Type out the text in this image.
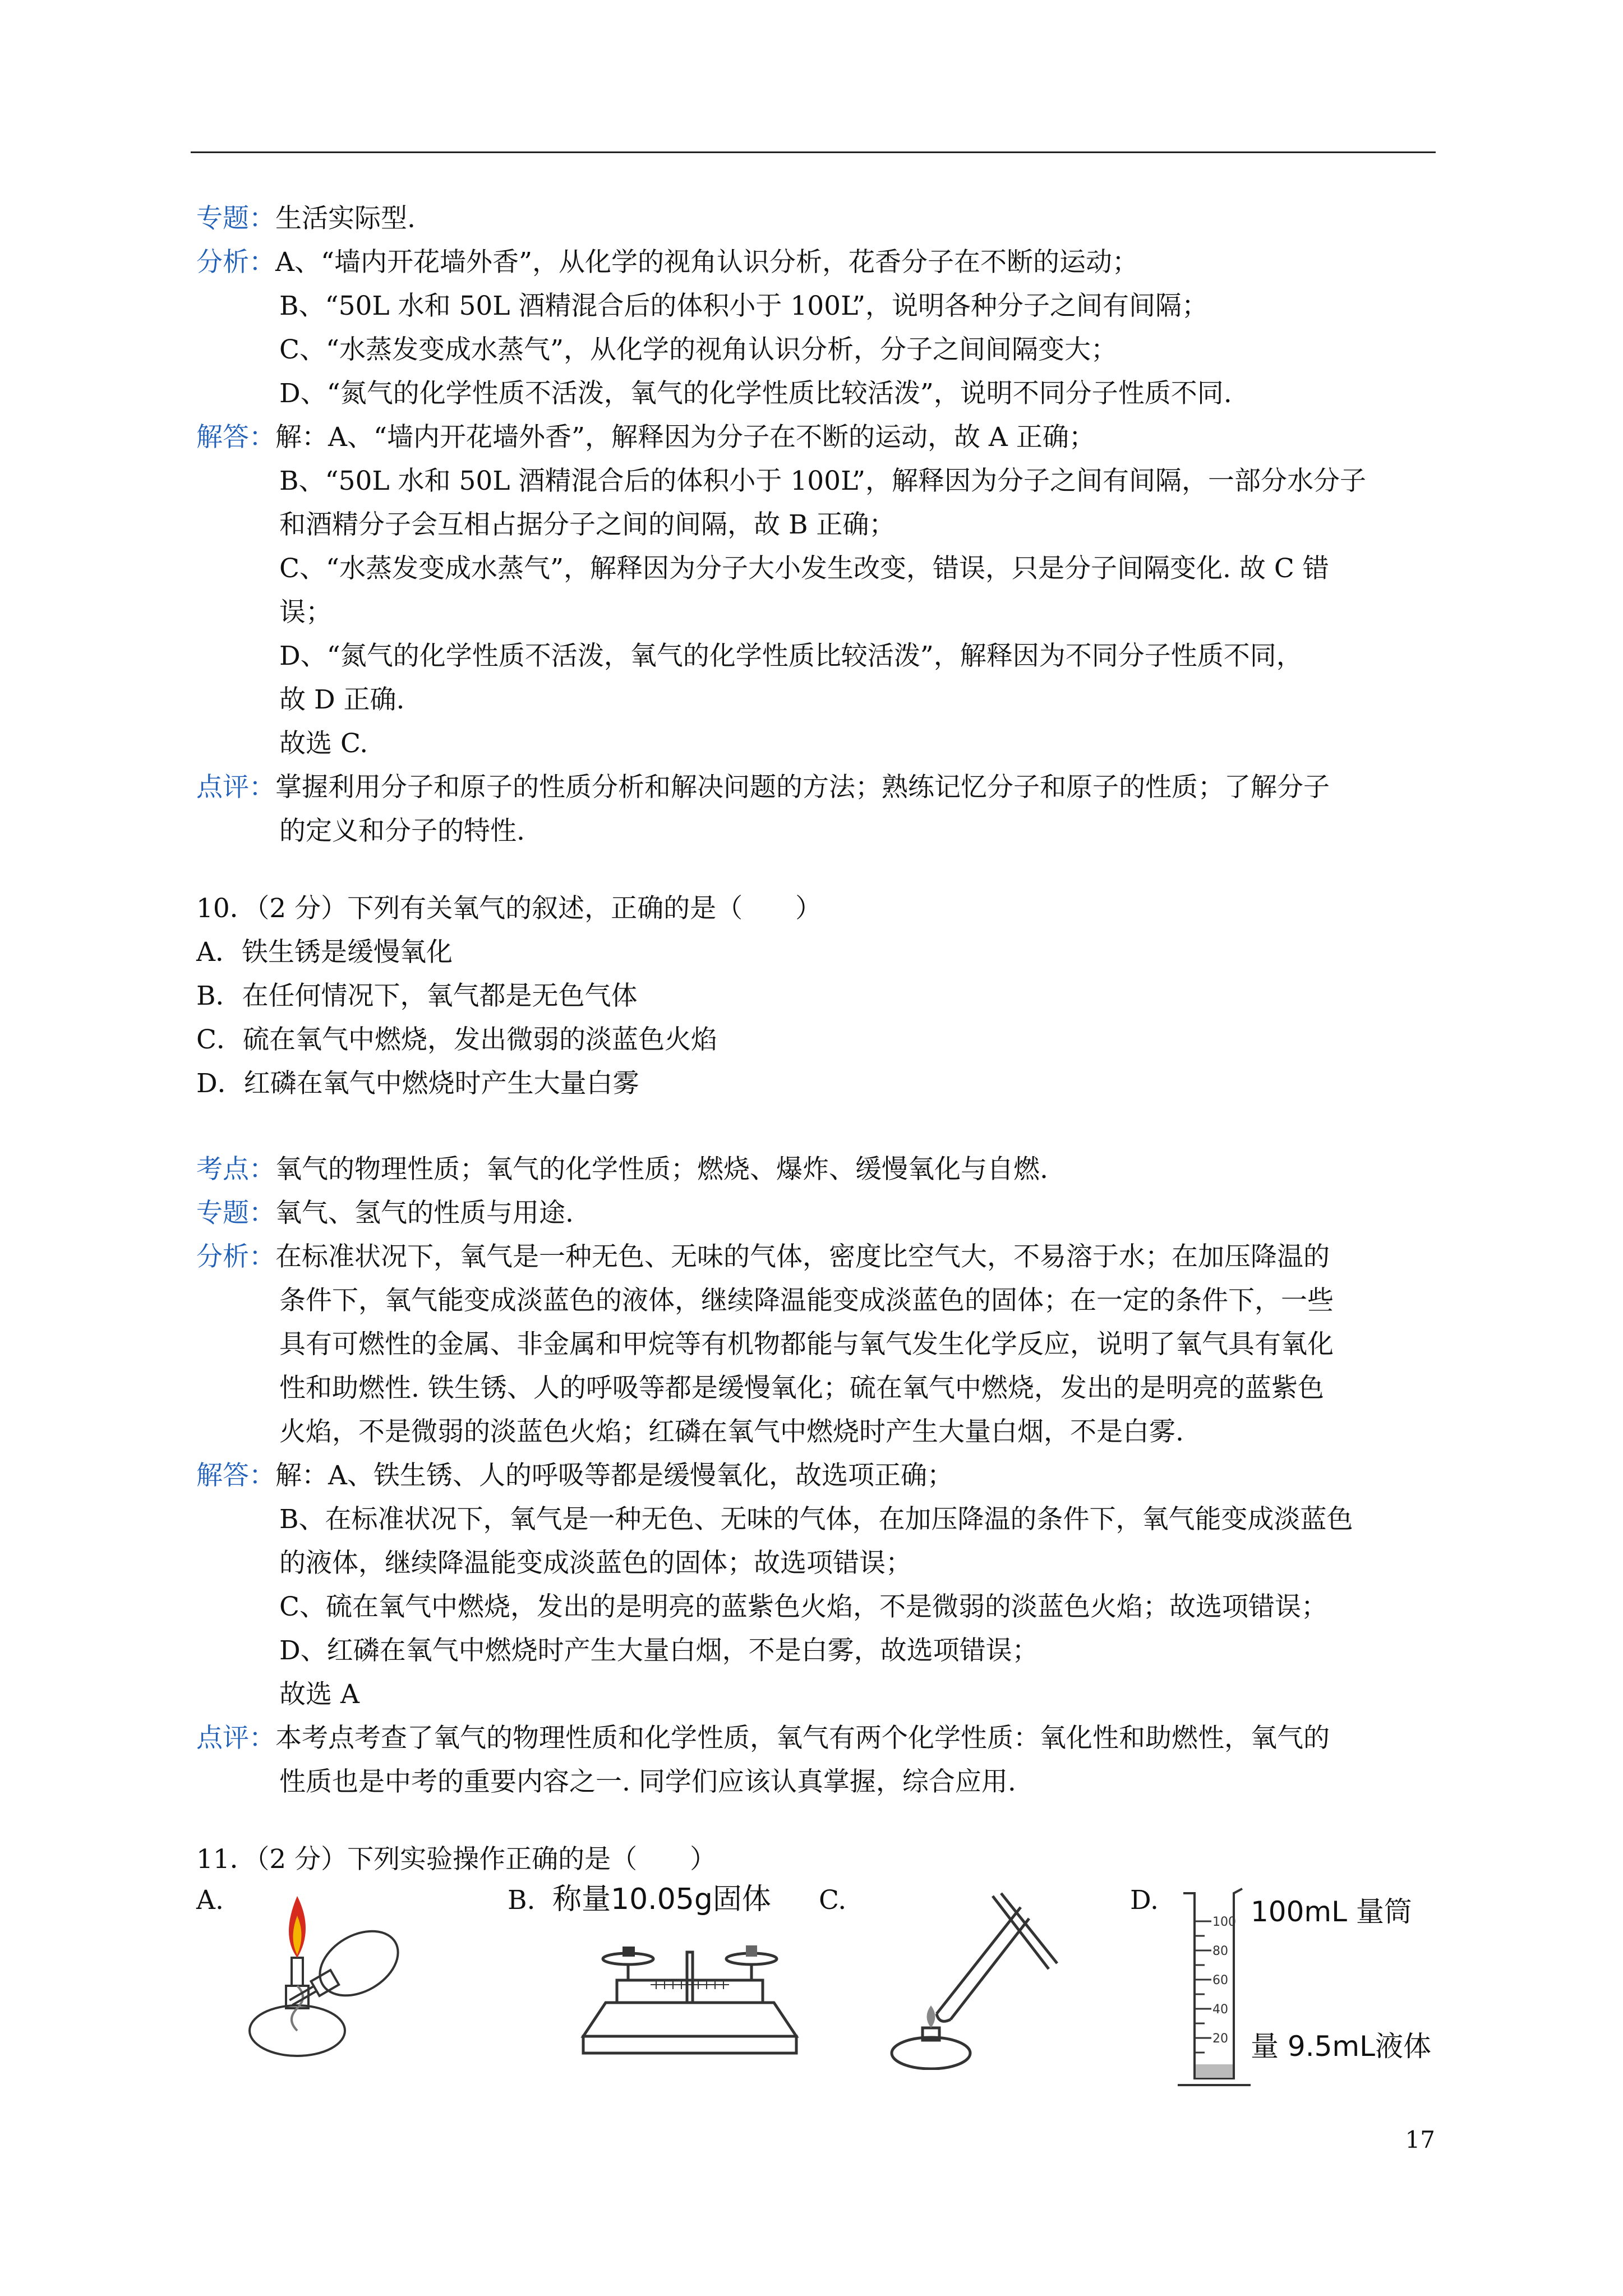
专题：生活实际型.
分析：A、“墙内开花墙外香”，从化学的视角认识分析，花香分子在不断的运动；
B、“50L 水和 50L 酒精混合后的体积小于 100L”，说明各种分子之间有间隔；
C、“水蒸发变成水蒸气”，从化学的视角认识分析，分子之间间隔变大；
D、“氮气的化学性质不活泼，氧气的化学性质比较活泼”，说明不同分子性质不同.
解答：解：A、“墙内开花墙外香”，解释因为分子在不断的运动，故 A 正确；
B、“50L 水和 50L 酒精混合后的体积小于 100L”，解释因为分子之间有间隔，一部分水分子
和酒精分子会互相占据分子之间的间隔，故 B 正确；
C、“水蒸发变成水蒸气”，解释因为分子大小发生改变，错误，只是分子间隔变化. 故 C 错
误；
D、“氮气的化学性质不活泼，氧气的化学性质比较活泼”，解释因为不同分子性质不同，
故 D 正确.
故选 C.
点评：掌握利用分子和原子的性质分析和解决问题的方法；熟练记忆分子和原子的性质；了解分子
的定义和分子的特性.
10．（2 分）下列有关氧气的叙述，正确的是（　　）
A．铁生锈是缓慢氧化
B．在任何情况下，氧气都是无色气体
C．硫在氧气中燃烧，发出微弱的淡蓝色火焰
D．红磷在氧气中燃烧时产生大量白雾
考点：氧气的物理性质；氧气的化学性质；燃烧、爆炸、缓慢氧化与自燃.
专题：氧气、氢气的性质与用途.
分析：在标准状况下，氧气是一种无色、无味的气体，密度比空气大，不易溶于水；在加压降温的
条件下，氧气能变成淡蓝色的液体，继续降温能变成淡蓝色的固体；在一定的条件下，一些
具有可燃性的金属、非金属和甲烷等有机物都能与氧气发生化学反应，说明了氧气具有氧化
性和助燃性. 铁生锈、人的呼吸等都是缓慢氧化；硫在氧气中燃烧，发出的是明亮的蓝紫色
火焰，不是微弱的淡蓝色火焰；红磷在氧气中燃烧时产生大量白烟，不是白雾.
解答：解：A、铁生锈、人的呼吸等都是缓慢氧化，故选项正确；
B、在标准状况下，氧气是一种无色、无味的气体，在加压降温的条件下，氧气能变成淡蓝色
的液体，继续降温能变成淡蓝色的固体；故选项错误；
C、硫在氧气中燃烧，发出的是明亮的蓝紫色火焰，不是微弱的淡蓝色火焰；故选项错误；
D、红磷在氧气中燃烧时产生大量白烟，不是白雾，故选项错误；
故选 A
点评：本考点考查了氧气的物理性质和化学性质，氧气有两个化学性质：氧化性和助燃性，氧气的
性质也是中考的重要内容之一. 同学们应该认真掌握，综合应用.
11．（2 分）下列实验操作正确的是（　　）
A.	B.	C.	D.
称量10.05g固体
100
80
60
40
20
100mL 量筒
量 9.5mL液体
17
